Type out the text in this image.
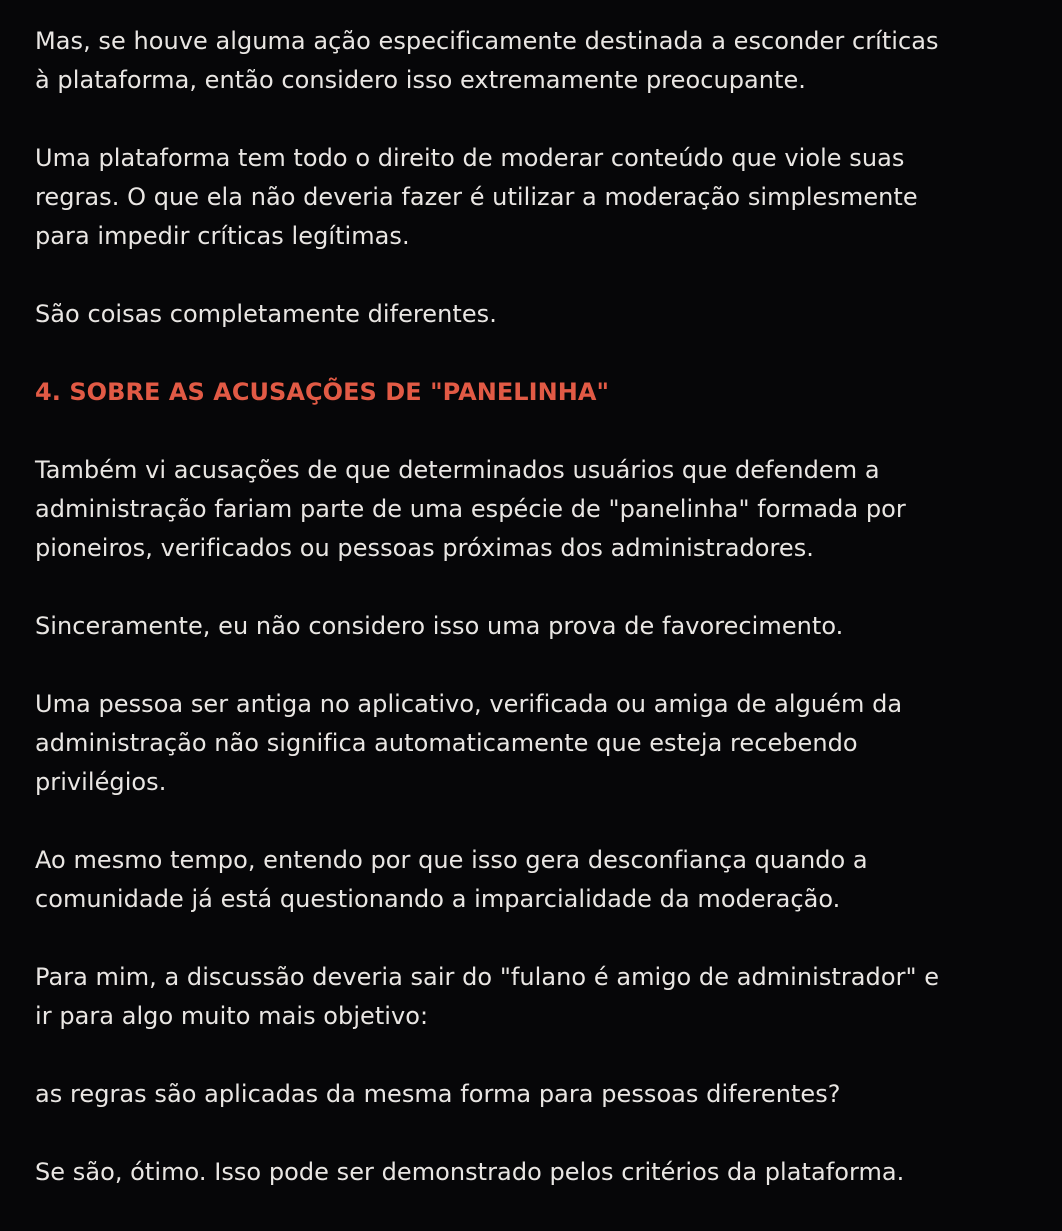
Mas, se houve alguma ação especificamente destinada a esconder críticas
à plataforma, então considero isso extremamente preocupante.

Uma plataforma tem todo o direito de moderar conteúdo que viole suas
regras. O que ela não deveria fazer é utilizar a moderação simplesmente
para impedir críticas legítimas.

São coisas completamente diferentes.

4. SOBRE AS ACUSAÇÕES DE "PANELINHA"

Também vi acusações de que determinados usuários que defendem a
administração fariam parte de uma espécie de "panelinha" formada por
pioneiros, verificados ou pessoas próximas dos administradores.

Sinceramente, eu não considero isso uma prova de favorecimento.

Uma pessoa ser antiga no aplicativo, verificada ou amiga de alguém da
administração não significa automaticamente que esteja recebendo
privilégios.

Ao mesmo tempo, entendo por que isso gera desconfiança quando a
comunidade já está questionando a imparcialidade da moderação.

Para mim, a discussão deveria sair do "fulano é amigo de administrador" e
ir para algo muito mais objetivo:

as regras são aplicadas da mesma forma para pessoas diferentes?

Se são, ótimo. Isso pode ser demonstrado pelos critérios da plataforma.
